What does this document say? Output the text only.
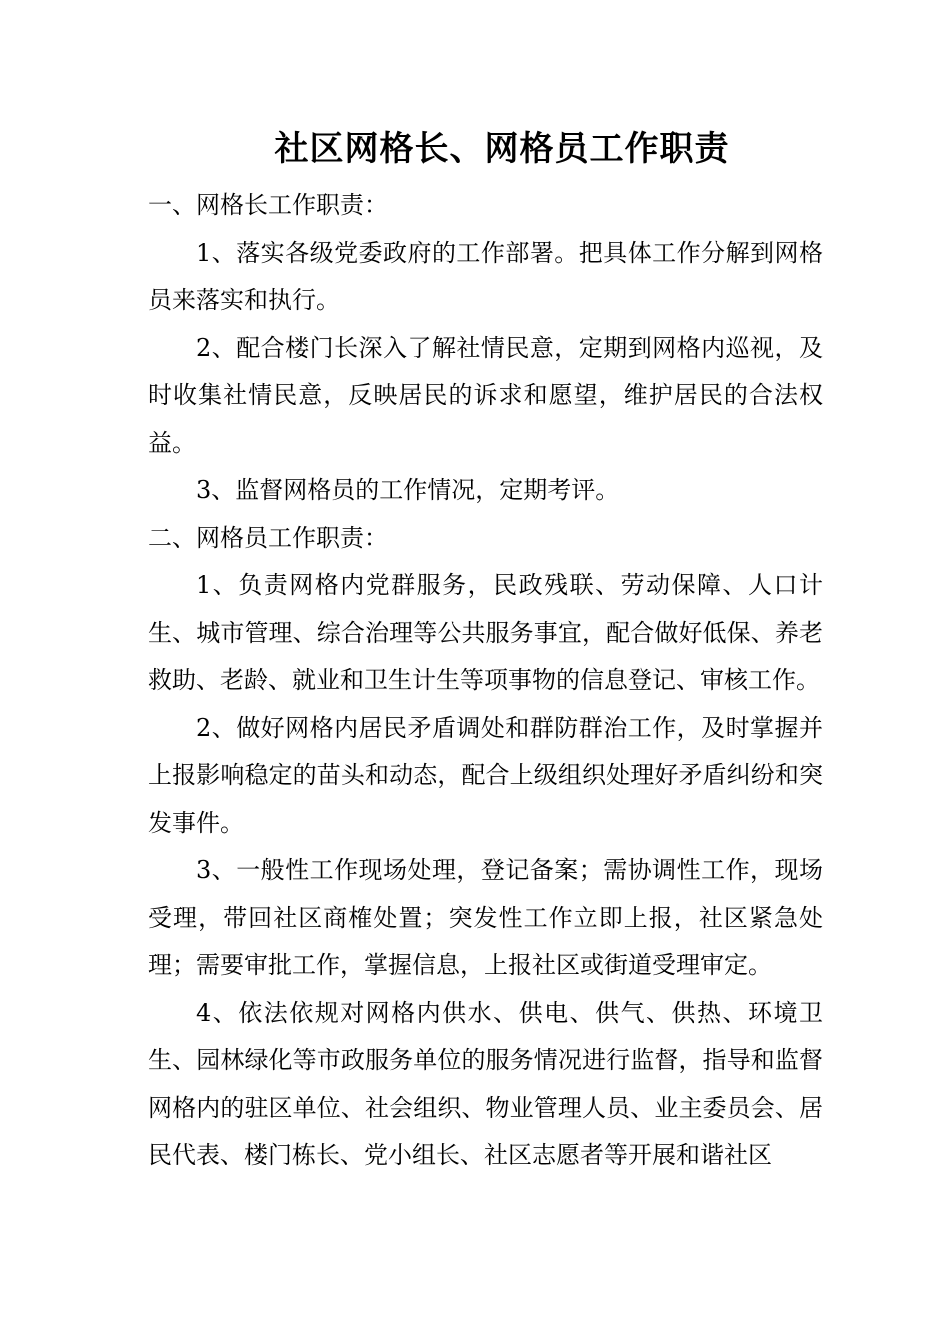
社区网格长、网格员工作职责

一、网格长工作职责：

1、落实各级党委政府的工作部署。把具体工作分解到网格员来落实和执行。

2、配合楼门长深入了解社情民意，定期到网格内巡视，及时收集社情民意，反映居民的诉求和愿望，维护居民的合法权益。

3、监督网格员的工作情况，定期考评。

二、网格员工作职责：

1、负责网格内党群服务，民政残联、劳动保障、人口计生、城市管理、综合治理等公共服务事宜，配合做好低保、养老救助、老龄、就业和卫生计生等项事物的信息登记、审核工作。

2、做好网格内居民矛盾调处和群防群治工作，及时掌握并上报影响稳定的苗头和动态，配合上级组织处理好矛盾纠纷和突发事件。

3、一般性工作现场处理，登记备案；需协调性工作，现场受理，带回社区商榷处置；突发性工作立即上报，社区紧急处理；需要审批工作，掌握信息，上报社区或街道受理审定。

4、依法依规对网格内供水、供电、供气、供热、环境卫生、园林绿化等市政服务单位的服务情况进行监督，指导和监督网格内的驻区单位、社会组织、物业管理人员、业主委员会、居民代表、楼门栋长、党小组长、社区志愿者等开展和谐社区
